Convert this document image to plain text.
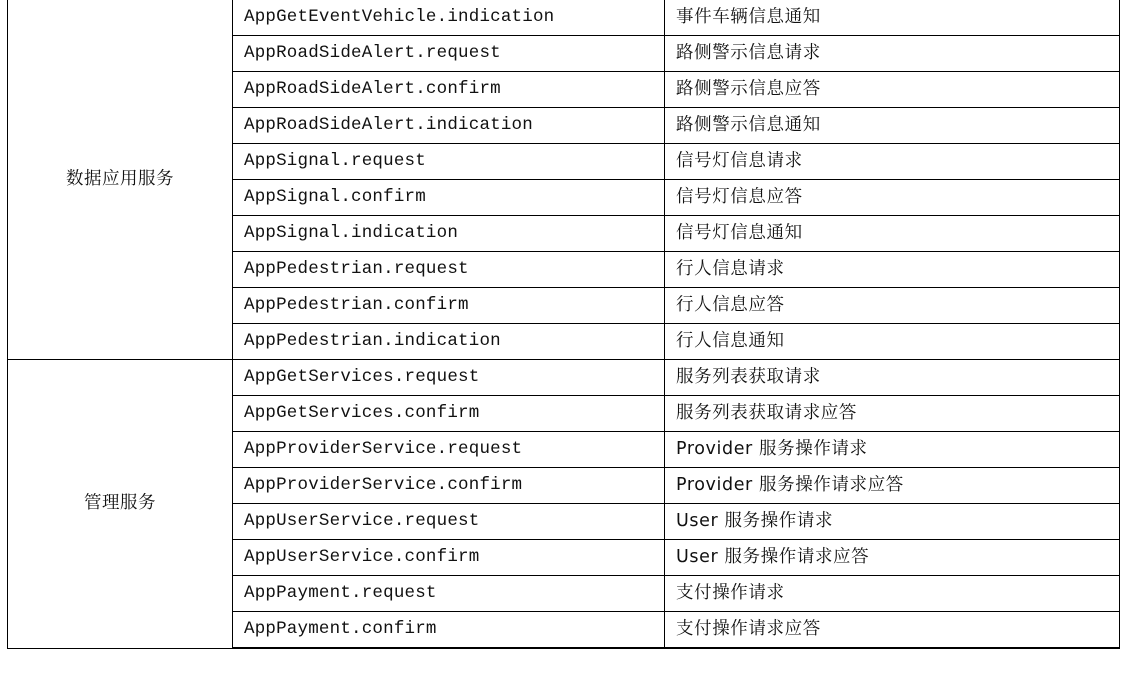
数据应用服务	AppGetEventVehicle.indication	事件车辆信息通知
	AppRoadSideAlert.request	路侧警示信息请求
	AppRoadSideAlert.confirm	路侧警示信息应答
	AppRoadSideAlert.indication	路侧警示信息通知
	AppSignal.request	信号灯信息请求
	AppSignal.confirm	信号灯信息应答
	AppSignal.indication	信号灯信息通知
	AppPedestrian.request	行人信息请求
	AppPedestrian.confirm	行人信息应答
	AppPedestrian.indication	行人信息通知
管理服务	AppGetServices.request	服务列表获取请求
	AppGetServices.confirm	服务列表获取请求应答
	AppProviderService.request	Provider 服务操作请求
	AppProviderService.confirm	Provider 服务操作请求应答
	AppUserService.request	User 服务操作请求
	AppUserService.confirm	User 服务操作请求应答
	AppPayment.request	支付操作请求
	AppPayment.confirm	支付操作请求应答
